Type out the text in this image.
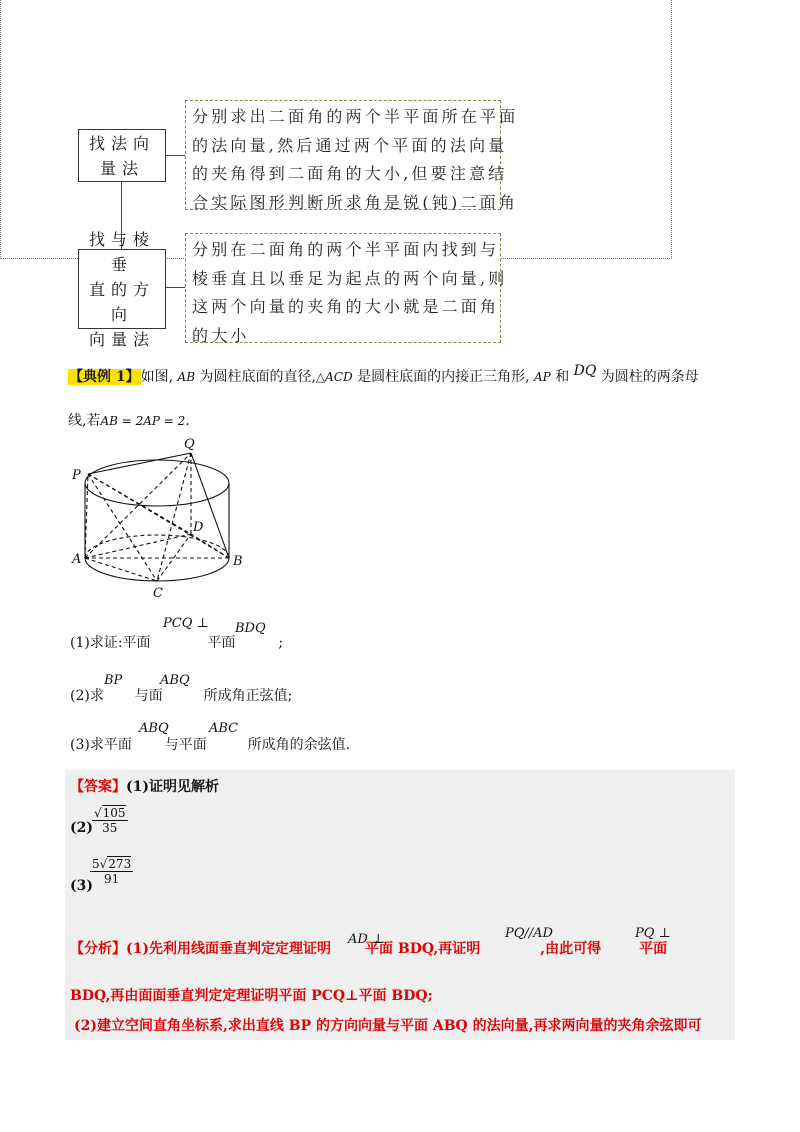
找法向
量法
分别求出二面角的两个半平面所在平面
的法向量,然后通过两个平面的法向量
的夹角得到二面角的大小,但要注意结
合实际图形判断所求角是锐(钝)二面角
找与棱垂
直的方向
向量法
分别在二面角的两个半平面内找到与
棱垂直且以垂足为起点的两个向量,则
这两个向量的夹角的大小就是二面角
的大小
【典例 1】如图, AB 为圆柱底面的直径,△ACD 是圆柱底面的内接正三角形, AP 和 DQ 为圆柱的两条母
线,若AB = 2AP = 2.
P
Q
D
A	B
C
(1)求证:平面	平面	;
PCQ ⊥ BDQ
(2)求 与面	所成角正弦值;
BP	ABQ
(3)求平面 与平面	所成角的余弦值.
ABQ	ABC
【答案】(1)证明见解析
$(2) \frac{√105}{35}$
(3)
$\frac{5√273}{91}$
【分析】(1)先利用线面垂直判定定理证明 平面 BDQ,再证明	,由此可得	平面
AD ⊥	PQ//AD	PQ ⊥
BDQ,再由面面垂直判定定理证明平面 PCQ⊥平面 BDQ;
(2)建立空间直角坐标系,求出直线 BP 的方向向量与平面 ABQ 的法向量,再求两向量的夹角余弦即可
